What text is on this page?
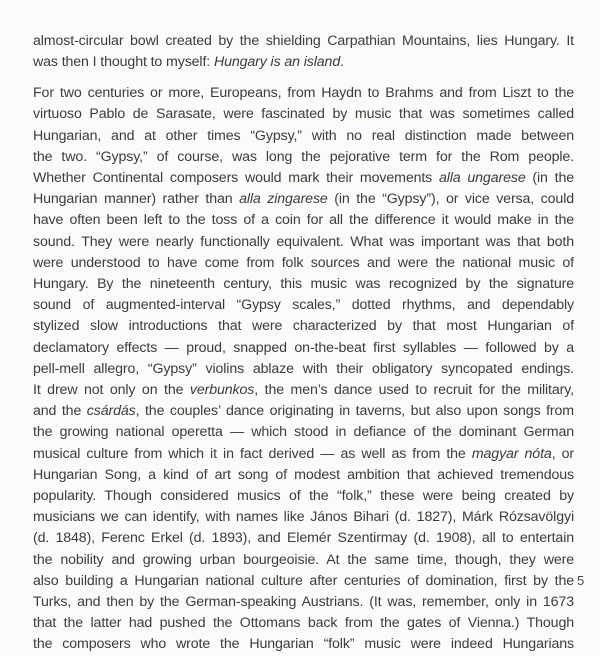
almost-circular bowl created by the shielding Carpathian Mountains, lies Hungary. It
was then I thought to myself: Hungary is an island.

For two centuries or more, Europeans, from Haydn to Brahms and from Liszt to the
virtuoso Pablo de Sarasate, were fascinated by music that was sometimes called
Hungarian, and at other times “Gypsy,” with no real distinction made between
the two. “Gypsy,” of course, was long the pejorative term for the Rom people.
Whether Continental composers would mark their movements alla ungarese (in the
Hungarian manner) rather than alla zingarese (in the “Gypsy”), or vice versa, could
have often been left to the toss of a coin for all the difference it would make in the
sound. They were nearly functionally equivalent. What was important was that both
were understood to have come from folk sources and were the national music of
Hungary. By the nineteenth century, this music was recognized by the signature
sound of augmented-interval “Gypsy scales,” dotted rhythms, and dependably
stylized slow introductions that were characterized by that most Hungarian of
declamatory effects — proud, snapped on-the-beat first syllables — followed by a
pell-mell allegro, “Gypsy” violins ablaze with their obligatory syncopated endings.
It drew not only on the verbunkos, the men’s dance used to recruit for the military,
and the csárdás, the couples’ dance originating in taverns, but also upon songs from
the growing national operetta — which stood in defiance of the dominant German
musical culture from which it in fact derived — as well as from the magyar nóta, or
Hungarian Song, a kind of art song of modest ambition that achieved tremendous
popularity. Though considered musics of the “folk,” these were being created by
musicians we can identify, with names like János Bihari (d. 1827), Márk Rózsavölgyi
(d. 1848), Ferenc Erkel (d. 1893), and Elemér Szentirmay (d. 1908), all to entertain
the nobility and growing urban bourgeoisie. At the same time, though, they were
also building a Hungarian national culture after centuries of domination, first by the
Turks, and then by the German-speaking Austrians. (It was, remember, only in 1673
that the latter had pushed the Ottomans back from the gates of Vienna.) Though
the composers who wrote the Hungarian “folk” music were indeed Hungarians

5
